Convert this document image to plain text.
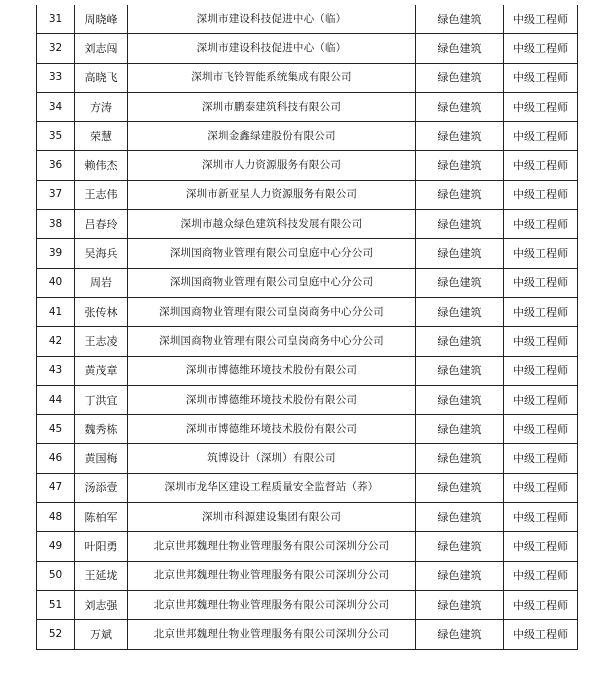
31	周晓峰	深圳市建设科技促进中心（临）	绿色建筑	中级工程师
32	刘志闯	深圳市建设科技促进中心（临）	绿色建筑	中级工程师
33	高晓飞	深圳市飞铃智能系统集成有限公司	绿色建筑	中级工程师
34	方涛	深圳市鹏泰建筑科技有限公司	绿色建筑	中级工程师
35	荣慧	深圳金鑫绿建股份有限公司	绿色建筑	中级工程师
36	赖伟杰	深圳市人力资源服务有限公司	绿色建筑	中级工程师
37	王志伟	深圳市新亚星人力资源服务有限公司	绿色建筑	中级工程师
38	吕春玲	深圳市越众绿色建筑科技发展有限公司	绿色建筑	中级工程师
39	吴海兵	深圳国商物业管理有限公司皇庭中心分公司	绿色建筑	中级工程师
40	周岩	深圳国商物业管理有限公司皇庭中心分公司	绿色建筑	中级工程师
41	张传林	深圳国商物业管理有限公司皇岗商务中心分公司	绿色建筑	中级工程师
42	王志凌	深圳国商物业管理有限公司皇岗商务中心分公司	绿色建筑	中级工程师
43	黄茂章	深圳市博德维环境技术股份有限公司	绿色建筑	中级工程师
44	丁洪宜	深圳市博德维环境技术股份有限公司	绿色建筑	中级工程师
45	魏秀栋	深圳市博德维环境技术股份有限公司	绿色建筑	中级工程师
46	黄国梅	筑博设计（深圳）有限公司	绿色建筑	中级工程师
47	汤添壹	深圳市龙华区建设工程质量安全监督站（荞）	绿色建筑	中级工程师
48	陈柏军	深圳市科源建设集团有限公司	绿色建筑	中级工程师
49	叶阳勇	北京世邦魏理仕物业管理服务有限公司深圳分公司	绿色建筑	中级工程师
50	王延垅	北京世邦魏理仕物业管理服务有限公司深圳分公司	绿色建筑	中级工程师
51	刘志强	北京世邦魏理仕物业管理服务有限公司深圳分公司	绿色建筑	中级工程师
52	万斌	北京世邦魏理仕物业管理服务有限公司深圳分公司	绿色建筑	中级工程师
